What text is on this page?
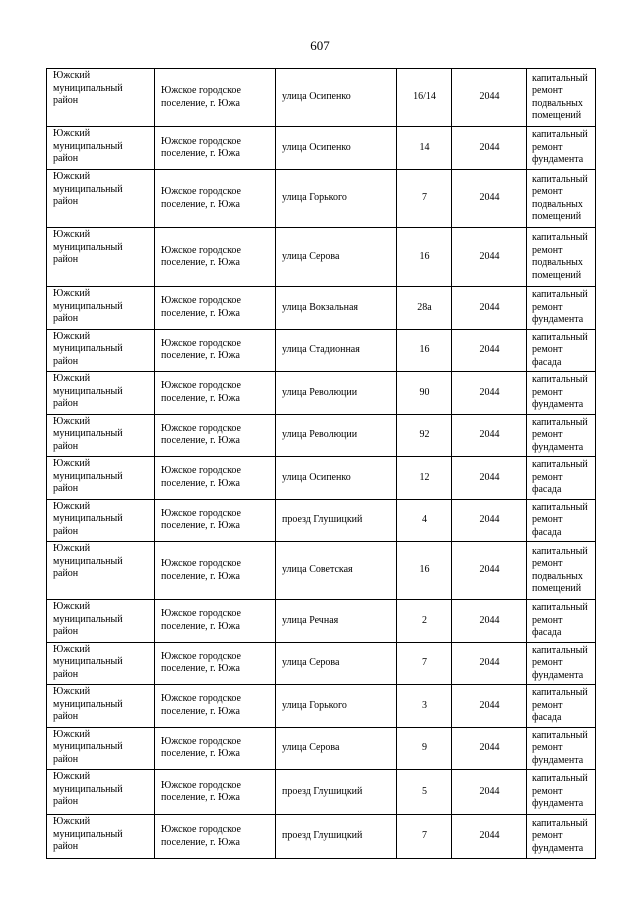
607
Южский муниципальный район	Южское городское поселение, г. Южа	улица Осипенко	16/14	2044	капитальный ремонт подвальных помещений
Южский муниципальный район	Южское городское поселение, г. Южа	улица Осипенко	14	2044	капитальный ремонт фундамента
Южский муниципальный район	Южское городское поселение, г. Южа	улица Горького	7	2044	капитальный ремонт подвальных помещений
Южский муниципальный район	Южское городское поселение, г. Южа	улица Серова	16	2044	капитальный ремонт подвальных помещений
Южский муниципальный район	Южское городское поселение, г. Южа	улица Вокзальная	28а	2044	капитальный ремонт фундамента
Южский муниципальный район	Южское городское поселение, г. Южа	улица Стадионная	16	2044	капитальный ремонт фасада
Южский муниципальный район	Южское городское поселение, г. Южа	улица Революции	90	2044	капитальный ремонт фундамента
Южский муниципальный район	Южское городское поселение, г. Южа	улица Революции	92	2044	капитальный ремонт фундамента
Южский муниципальный район	Южское городское поселение, г. Южа	улица Осипенко	12	2044	капитальный ремонт фасада
Южский муниципальный район	Южское городское поселение, г. Южа	проезд Глушицкий	4	2044	капитальный ремонт фасада
Южский муниципальный район	Южское городское поселение, г. Южа	улица Советская	16	2044	капитальный ремонт подвальных помещений
Южский муниципальный район	Южское городское поселение, г. Южа	улица Речная	2	2044	капитальный ремонт фасада
Южский муниципальный район	Южское городское поселение, г. Южа	улица Серова	7	2044	капитальный ремонт фундамента
Южский муниципальный район	Южское городское поселение, г. Южа	улица Горького	3	2044	капитальный ремонт фасада
Южский муниципальный район	Южское городское поселение, г. Южа	улица Серова	9	2044	капитальный ремонт фундамента
Южский муниципальный район	Южское городское поселение, г. Южа	проезд Глушицкий	5	2044	капитальный ремонт фундамента
Южский муниципальный район	Южское городское поселение, г. Южа	проезд Глушицкий	7	2044	капитальный ремонт фундамента
